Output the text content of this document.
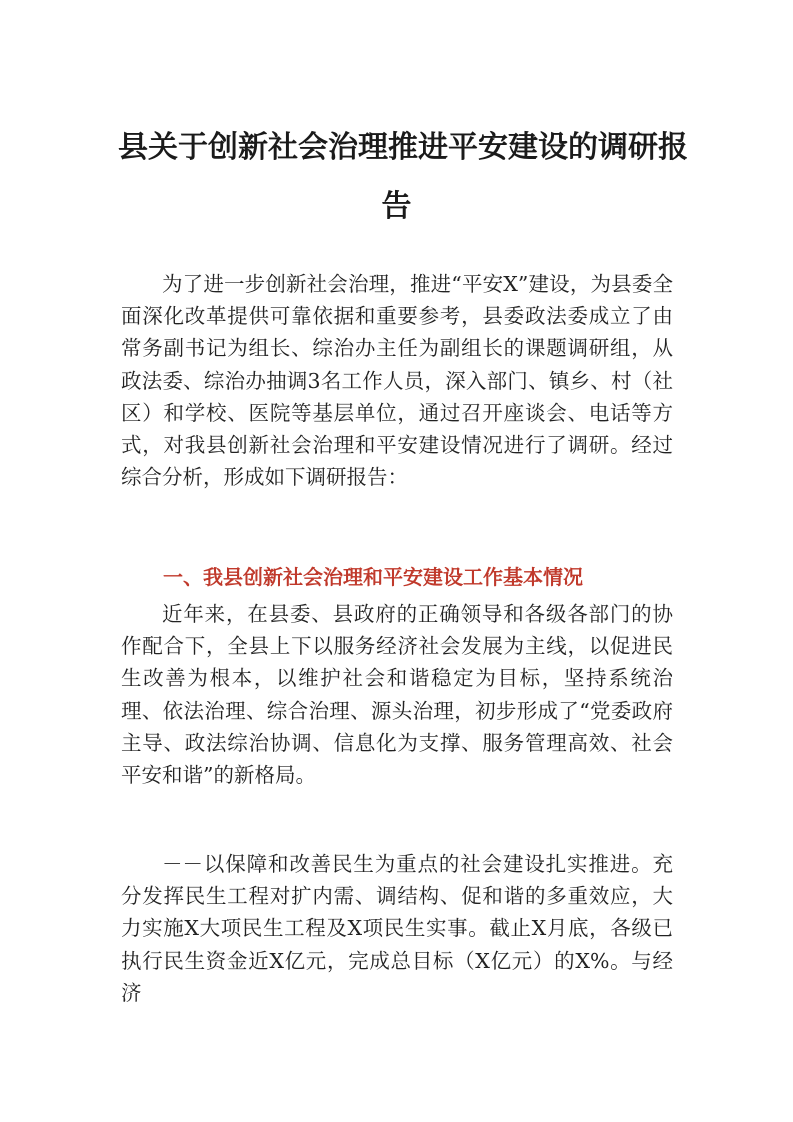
县关于创新社会治理推进平安建设的调研报
告

为了进一步创新社会治理，推进“平安X”建设，为县委全面深化改革提供可靠依据和重要参考，县委政法委成立了由常务副书记为组长、综治办主任为副组长的课题调研组，从政法委、综治办抽调3名工作人员，深入部门、镇乡、村（社区）和学校、医院等基层单位，通过召开座谈会、电话等方式，对我县创新社会治理和平安建设情况进行了调研。经过综合分析，形成如下调研报告：

一、我县创新社会治理和平安建设工作基本情况

近年来，在县委、县政府的正确领导和各级各部门的协作配合下，全县上下以服务经济社会发展为主线，以促进民生改善为根本，以维护社会和谐稳定为目标，坚持系统治理、依法治理、综合治理、源头治理，初步形成了“党委政府主导、政法综治协调、信息化为支撑、服务管理高效、社会平安和谐”的新格局。

－－以保障和改善民生为重点的社会建设扎实推进。充分发挥民生工程对扩内需、调结构、促和谐的多重效应，大力实施X大项民生工程及X项民生实事。截止X月底，各级已执行民生资金近X亿元，完成总目标（X亿元）的X%。与经济
